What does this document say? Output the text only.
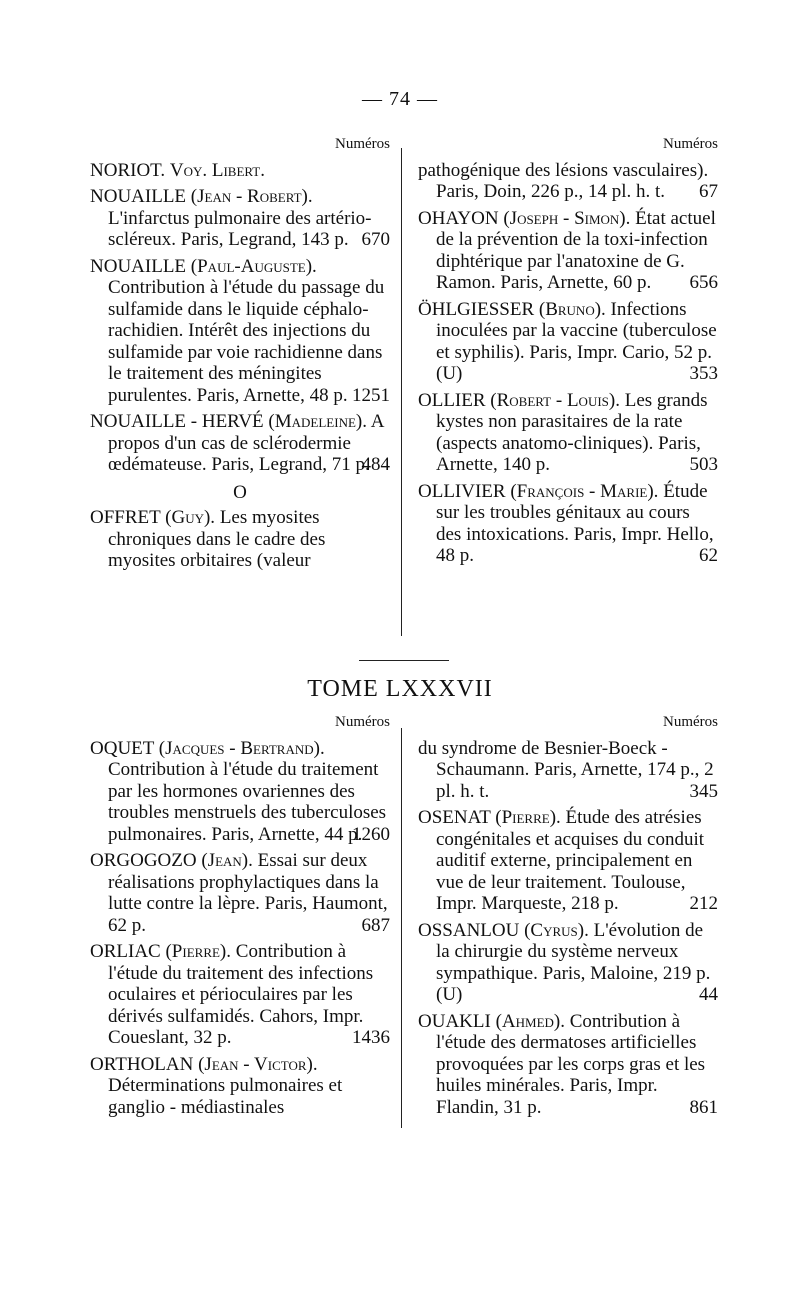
— 74 —
Numéros

NORIOT. Voy. Libert.

NOUAILLE (Jean - Robert). L'infarctus pulmonaire des artério-scléreux. Paris, Legrand, 143 p. 670

NOUAILLE (Paul-Auguste). Contribution à l'étude du passage du sulfamide dans le liquide céphalo-rachidien. Intérêt des injections du sulfamide par voie rachidienne dans le traitement des méningites purulentes. Paris, Arnette, 48 p. 1251

NOUAILLE - HERVÉ (Madeleine). A propos d'un cas de sclérodermie œdémateuse. Paris, Legrand, 71 p.
484

O

OFFRET (Guy). Les myosites chroniques dans le cadre des myosites orbitaires (valeur

Numéros

pathogénique des lésions vasculaires). Paris, Doin, 226 p., 14 pl. h. t. 67

OHAYON (Joseph - Simon). État actuel de la prévention de la toxi-infection diphtérique par l'anatoxine de G. Ramon. Paris, Arnette, 60 p. 656

ÖHLGIESSER (Bruno). Infections inoculées par la vaccine (tuberculose et syphilis). Paris, Impr. Cario, 52 p. (U)	353

OLLIER (Robert - Louis). Les grands kystes non parasitaires de la rate (aspects anatomo-cliniques). Paris, Arnette, 140 p.	503

OLLIVIER (François - Marie). Étude sur les troubles génitaux au cours des intoxications. Paris, Impr. Hello, 48 p.	62

TOME LXXXVII
Numéros

OQUET (Jacques - Bertrand). Contribution à l'étude du traitement par les hormones ovariennes des troubles menstruels des tuberculoses pulmonaires. Paris, Arnette, 44 p.
1260

ORGOGOZO (Jean). Essai sur deux réalisations prophylactiques dans la lutte contre la lèpre. Paris, Haumont, 62 p.	687

ORLIAC (Pierre). Contribution à l'étude du traitement des infections oculaires et périoculaires par les dérivés sulfamidés. Cahors, Impr. Coueslant, 32 p.	1436

ORTHOLAN (Jean - Victor). Déterminations pulmonaires et ganglio - médiastinales

Numéros

du syndrome de Besnier-Boeck - Schaumann. Paris, Arnette, 174 p., 2 pl. h. t.	345

OSENAT (Pierre). Étude des atrésies congénitales et acquises du conduit auditif externe, principalement en vue de leur traitement. Toulouse, Impr. Marqueste, 218 p.	212

OSSANLOU (Cyrus). L'évolution de la chirurgie du système nerveux sympathique. Paris, Maloine, 219 p. (U)	44

OUAKLI (Ahmed). Contribution à l'étude des dermatoses artificielles provoquées par les corps gras et les huiles minérales. Paris, Impr. Flandin, 31 p.	861
